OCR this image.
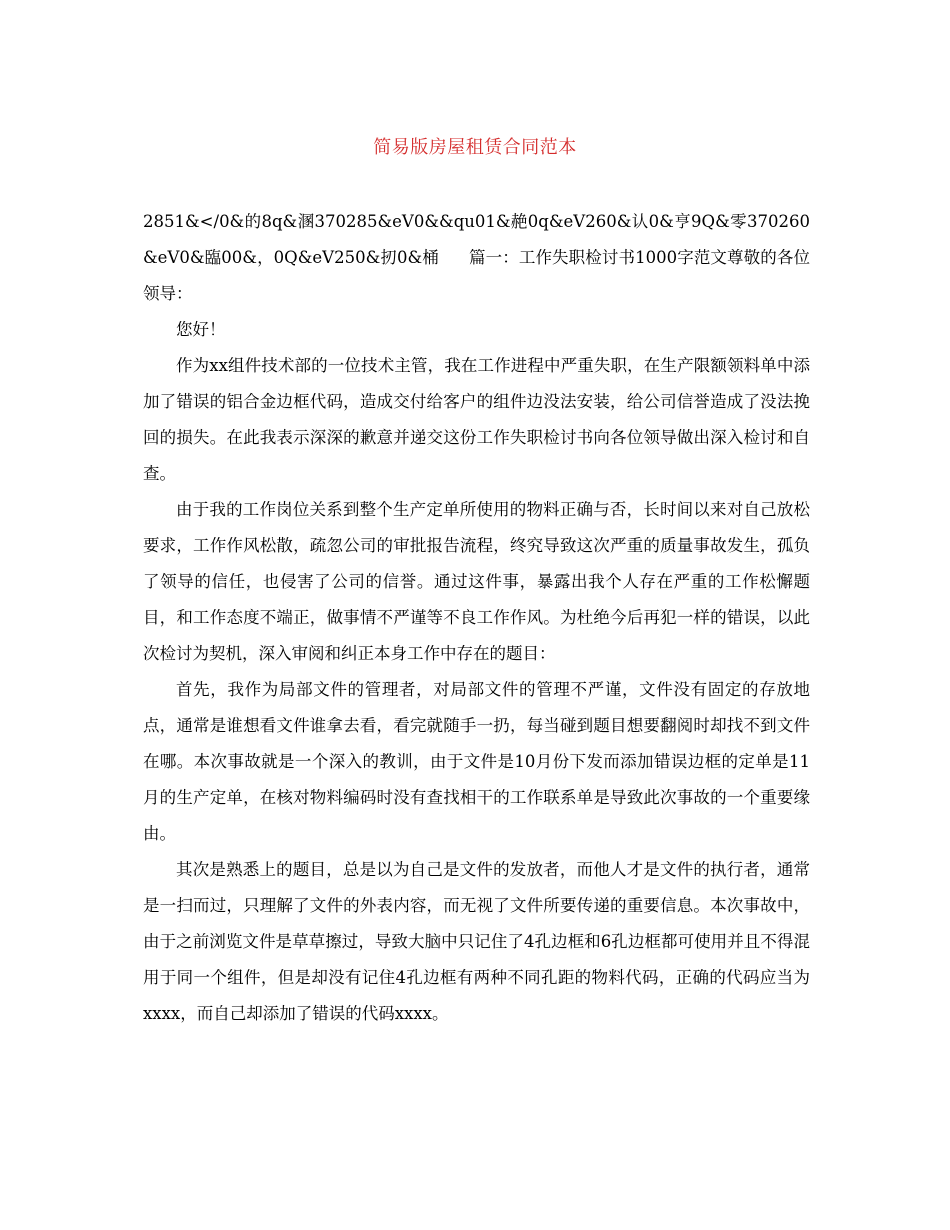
简易版房屋租赁合同范本

2851&</0&的8q&溷370285&eV0&&qu01&赩0q&eV260&认0&亨9Q&零370260&eV0&臨00&，0Q&eV250&扨0&桶 篇一：工作失职检讨书1000字范文尊敬的各位领导：

您好！

作为xx组件技术部的一位技术主管，我在工作进程中严重失职，在生产限额领料单中添加了错误的铝合金边框代码，造成交付给客户的组件边没法安装，给公司信誉造成了没法挽回的损失。在此我表示深深的歉意并递交这份工作失职检讨书向各位领导做出深入检讨和自查。

由于我的工作岗位关系到整个生产定单所使用的物料正确与否，长时间以来对自己放松要求，工作作风松散，疏忽公司的审批报告流程，终究导致这次严重的质量事故发生，孤负了领导的信任，也侵害了公司的信誉。通过这件事，暴露出我个人存在严重的工作松懈题目，和工作态度不端正，做事情不严谨等不良工作作风。为杜绝今后再犯一样的错误，以此次检讨为契机，深入审阅和纠正本身工作中存在的题目：

首先，我作为局部文件的管理者，对局部文件的管理不严谨，文件没有固定的存放地点，通常是谁想看文件谁拿去看，看完就随手一扔，每当碰到题目想要翻阅时却找不到文件在哪。本次事故就是一个深入的教训，由于文件是10月份下发而添加错误边框的定单是11月的生产定单，在核对物料编码时没有查找相干的工作联系单是导致此次事故的一个重要缘由。

其次是熟悉上的题目，总是以为自己是文件的发放者，而他人才是文件的执行者，通常是一扫而过，只理解了文件的外表内容，而无视了文件所要传递的重要信息。本次事故中，由于之前浏览文件是草草擦过，导致大脑中只记住了4孔边框和6孔边框都可使用并且不得混用于同一个组件，但是却没有记住4孔边框有两种不同孔距的物料代码，正确的代码应当为xxxx，而自己却添加了错误的代码xxxx。
